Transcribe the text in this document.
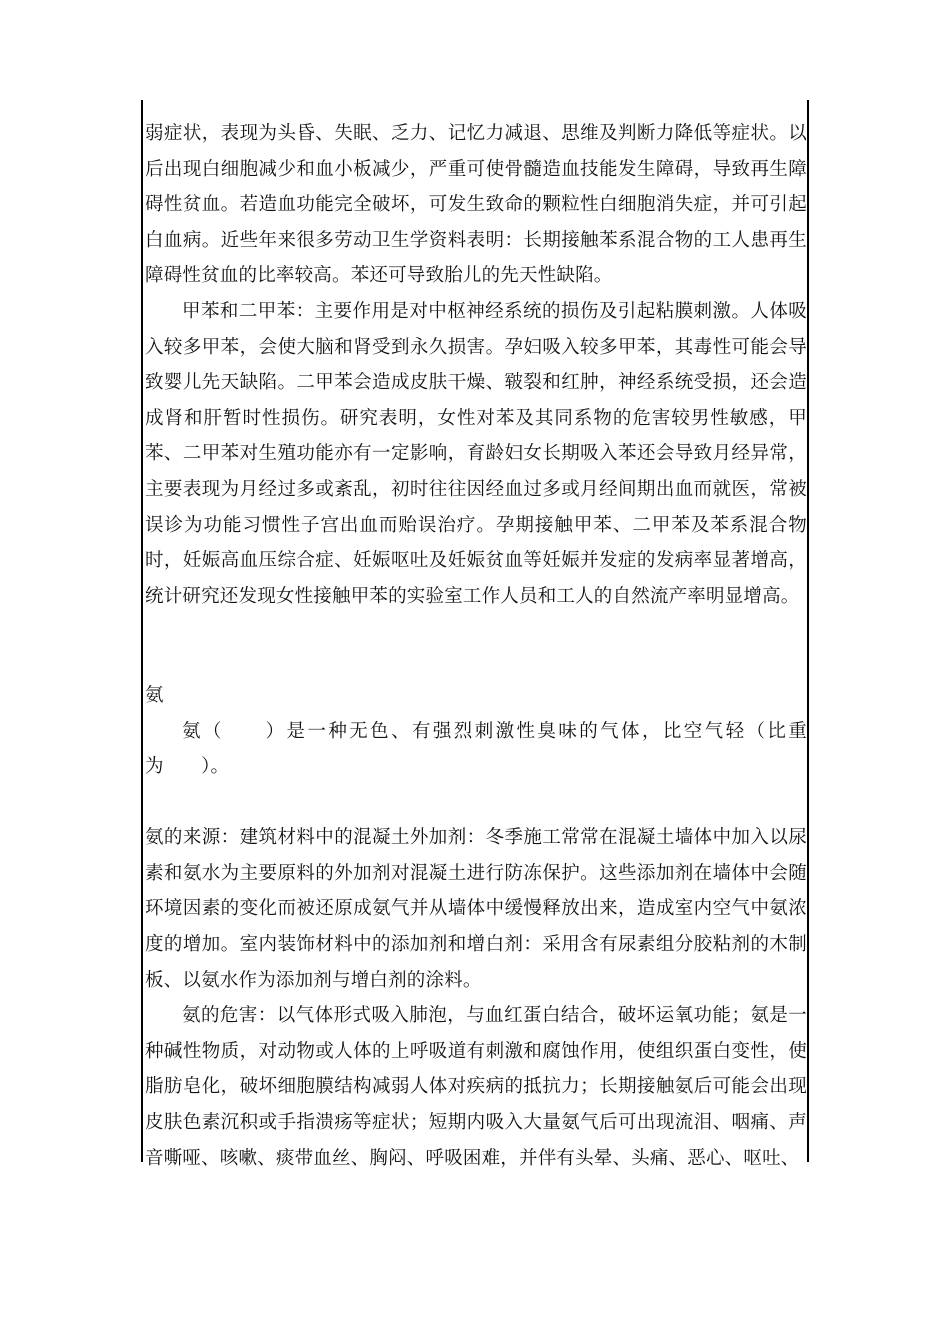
弱症状，表现为头昏、失眠、乏力、记忆力减退、思维及判断力降低等症状。以后出现白细胞减少和血小板减少，严重可使骨髓造血技能发生障碍，导致再生障碍性贫血。若造血功能完全破坏，可发生致命的颗粒性白细胞消失症，并可引起白血病。近些年来很多劳动卫生学资料表明：长期接触苯系混合物的工人患再生障碍性贫血的比率较高。苯还可导致胎儿的先天性缺陷。

甲苯和二甲苯：主要作用是对中枢神经系统的损伤及引起粘膜刺激。人体吸入较多甲苯，会使大脑和肾受到永久损害。孕妇吸入较多甲苯，其毒性可能会导致婴儿先天缺陷。二甲苯会造成皮肤干燥、皲裂和红肿，神经系统受损，还会造成肾和肝暂时性损伤。研究表明，女性对苯及其同系物的危害较男性敏感，甲苯、二甲苯对生殖功能亦有一定影响，育龄妇女长期吸入苯还会导致月经异常，主要表现为月经过多或紊乱，初时往往因经血过多或月经间期出血而就医，常被误诊为功能习惯性子宫出血而贻误治疗。孕期接触甲苯、二甲苯及苯系混合物时，妊娠高血压综合症、妊娠呕吐及妊娠贫血等妊娠并发症的发病率显著增高，统计研究还发现女性接触甲苯的实验室工作人员和工人的自然流产率明显增高。

氨

氨（　　）是一种无色、有强烈刺激性臭味的气体，比空气轻（比重为　　）。

氨的来源：建筑材料中的混凝土外加剂：冬季施工常常在混凝土墙体中加入以尿素和氨水为主要原料的外加剂对混凝土进行防冻保护。这些添加剂在墙体中会随环境因素的变化而被还原成氨气并从墙体中缓慢释放出来，造成室内空气中氨浓度的增加。室内装饰材料中的添加剂和增白剂：采用含有尿素组分胶粘剂的木制板、以氨水作为添加剂与增白剂的涂料。

氨的危害：以气体形式吸入肺泡，与血红蛋白结合，破坏运氧功能；氨是一种碱性物质，对动物或人体的上呼吸道有刺激和腐蚀作用，使组织蛋白变性，使脂肪皂化，破坏细胞膜结构减弱人体对疾病的抵抗力；长期接触氨后可能会出现皮肤色素沉积或手指溃疡等症状；短期内吸入大量氨气后可出现流泪、咽痛、声音嘶哑、咳嗽、痰带血丝、胸闷、呼吸困难，并伴有头晕、头痛、恶心、呕吐、
